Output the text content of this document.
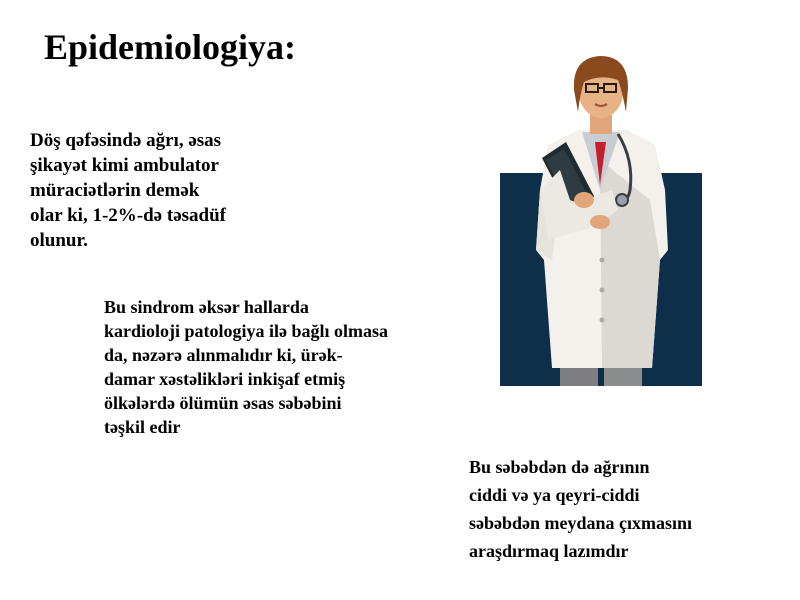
Epidemiologiya:
Döş qəfəsində ağrı, əsas
şikayət kimi ambulator
müraciətlərin demək
olar ki, 1-2%-də təsadüf
olunur.
Bu sindrom əksər hallarda
kardioloji patologiya ilə bağlı olmasa
da, nəzərə alınmalıdır ki, ürək-
damar xəstəlikləri inkişaf etmiş
ölkələrdə ölümün əsas səbəbini
təşkil edir
Bu səbəbdən də ağrının
ciddi və ya qeyri-ciddi
səbəbdən meydana çıxmasını
araşdırmaq lazımdır
